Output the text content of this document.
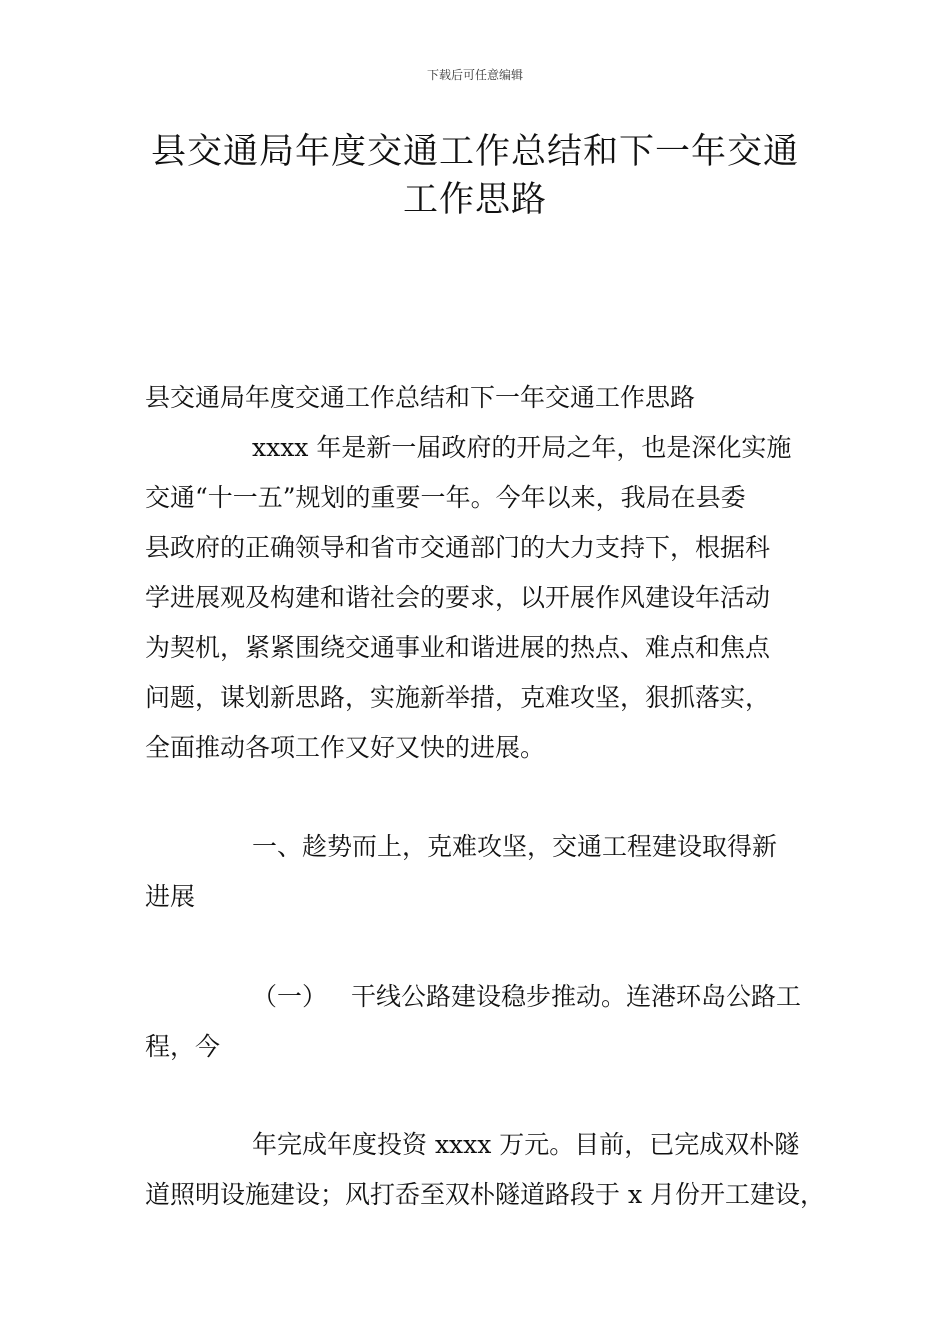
下载后可任意编辑
县交通局年度交通工作总结和下一年交通
工作思路

县交通局年度交通工作总结和下一年交通工作思路

xxxx 年是新一届政府的开局之年，也是深化实施
交通“十一五”规划的重要一年。今年以来，我局在县委
县政府的正确领导和省市交通部门的大力支持下，根据科
学进展观及构建和谐社会的要求，以开展作风建设年活动
为契机，紧紧围绕交通事业和谐进展的热点、难点和焦点
问题，谋划新思路，实施新举措，克难攻坚，狠抓落实，
全面推动各项工作又好又快的进展。

一、趁势而上，克难攻坚，交通工程建设取得新
进展

（一） 干线公路建设稳步推动。连港环岛公路工
程，今

年完成年度投资 xxxx 万元。目前，已完成双朴隧
道照明设施建设；风打岙至双朴隧道路段于 x 月份开工建设，
